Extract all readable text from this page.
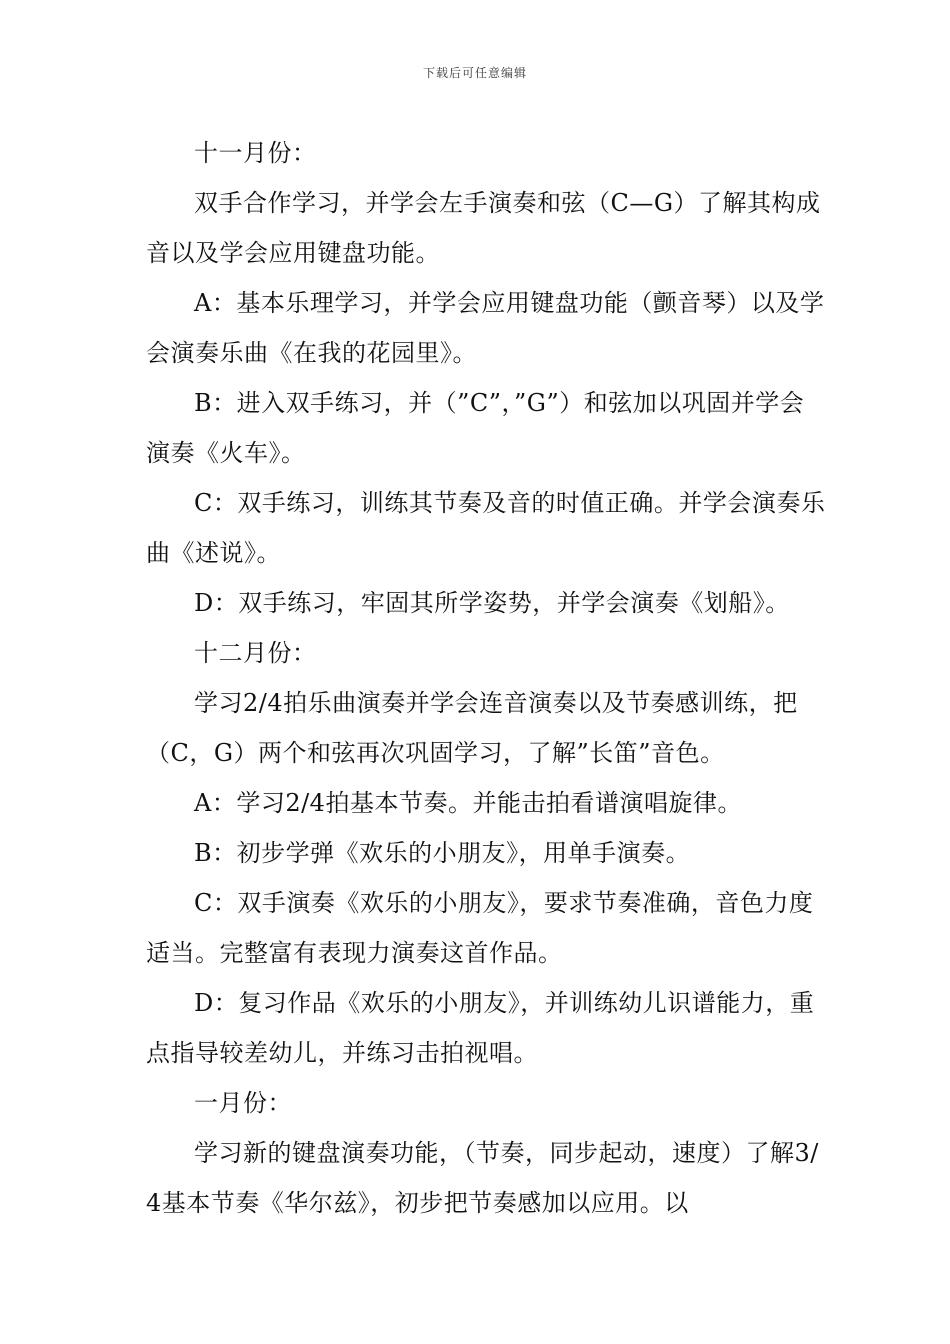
下载后可任意编辑

十一月份：

双手合作学习，并学会左手演奏和弦（C—G）了解其构成音以及学会应用键盘功能。

A：基本乐理学习，并学会应用键盘功能（颤音琴）以及学会演奏乐曲《在我的花园里》。

B：进入双手练习，并（”C”，”G”）和弦加以巩固并学会演奏《火车》。

C：双手练习，训练其节奏及音的时值正确。并学会演奏乐曲《述说》。

D：双手练习，牢固其所学姿势，并学会演奏《划船》。

十二月份：

学习2/4拍乐曲演奏并学会连音演奏以及节奏感训练，把（C，G）两个和弦再次巩固学习，了解”长笛”音色。

A：学习2/4拍基本节奏。并能击拍看谱演唱旋律。

B：初步学弹《欢乐的小朋友》，用单手演奏。

C：双手演奏《欢乐的小朋友》，要求节奏准确，音色力度适当。完整富有表现力演奏这首作品。

D：复习作品《欢乐的小朋友》，并训练幼儿识谱能力，重点指导较差幼儿，并练习击拍视唱。

一月份：

学习新的键盘演奏功能，（节奏，同步起动，速度）了解3/4基本节奏《华尔兹》，初步把节奏感加以应用。以
